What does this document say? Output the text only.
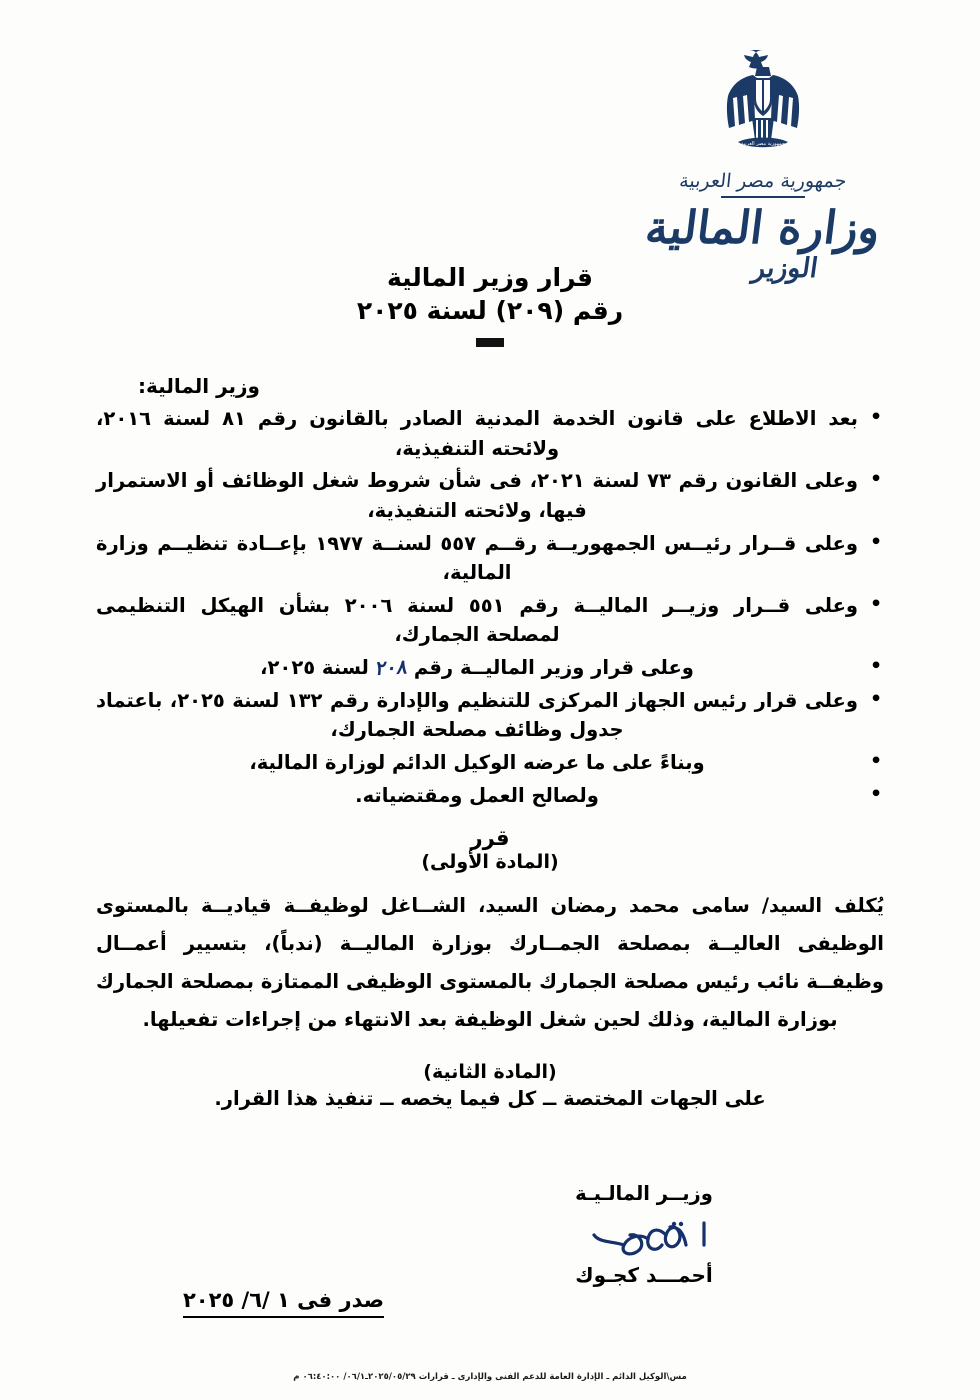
جمهورية مصر العربية
جمهورية مصر العربية
وزارة المالية
الوزير
قرار وزير المالية
رقم (٢٠٩) لسنة ٢٠٢٥
وزير المالية:
• بعد الاطلاع على قانون الخدمة المدنية الصادر بالقانون رقم ٨١ لسنة ٢٠١٦، ولائحته التنفيذية،
• وعلى القانون رقم ٧٣ لسنة ٢٠٢١، فى شأن شروط شغل الوظائف أو الاستمرار فيها، ولائحته التنفيذية،
• وعلى قــرار رئيــس الجمهوريــة رقــم ٥٥٧ لسنــة ١٩٧٧ بإعــادة تنظيــم وزارة المالية،
• وعلى قــرار وزيــر الماليــة رقم ٥٥١ لسنة ٢٠٠٦ بشأن الهيكل التنظيمى لمصلحة الجمارك،
• وعلى قرار وزير الماليــة رقم ٢٠٨ لسنة ٢٠٢٥،
• وعلى قرار رئيس الجهاز المركزى للتنظيم والإدارة رقم ١٣٢ لسنة ٢٠٢٥، باعتماد جدول وظائف مصلحة الجمارك،
• وبناءً على ما عرضه الوكيل الدائم لوزارة المالية،
• ولصالح العمل ومقتضياته.
قرر
(المادة الأولى)
يُكلف السيد/ سامى محمد رمضان السيد، الشــاغل لوظيفــة قياديــة بالمستوى الوظيفى العاليــة بمصلحة الجمــارك بوزارة الماليــة (ندباً)، بتسيير أعمــال وظيفــة نائب رئيس مصلحة الجمارك بالمستوى الوظيفى الممتازة بمصلحة الجمارك بوزارة المالية، وذلك لحين شغل الوظيفة بعد الانتهاء من إجراءات تفعيلها.
(المادة الثانية)
على الجهات المختصة ــ كل فيما يخصه ــ تنفيذ هذا القرار.
وزيــر المالـيـة
أحمـــد كجـوك
صدر فى ١ /٦/ ٢٠٢٥
مس\الوكيل الدائم ـ الإدارة العامة للدعم الفنى والإدارى ـ قرارات ٢٠٢٥/٠٥/٢٩ـ٠٦/١/ ٠٦:٤٠:٠٠ م
